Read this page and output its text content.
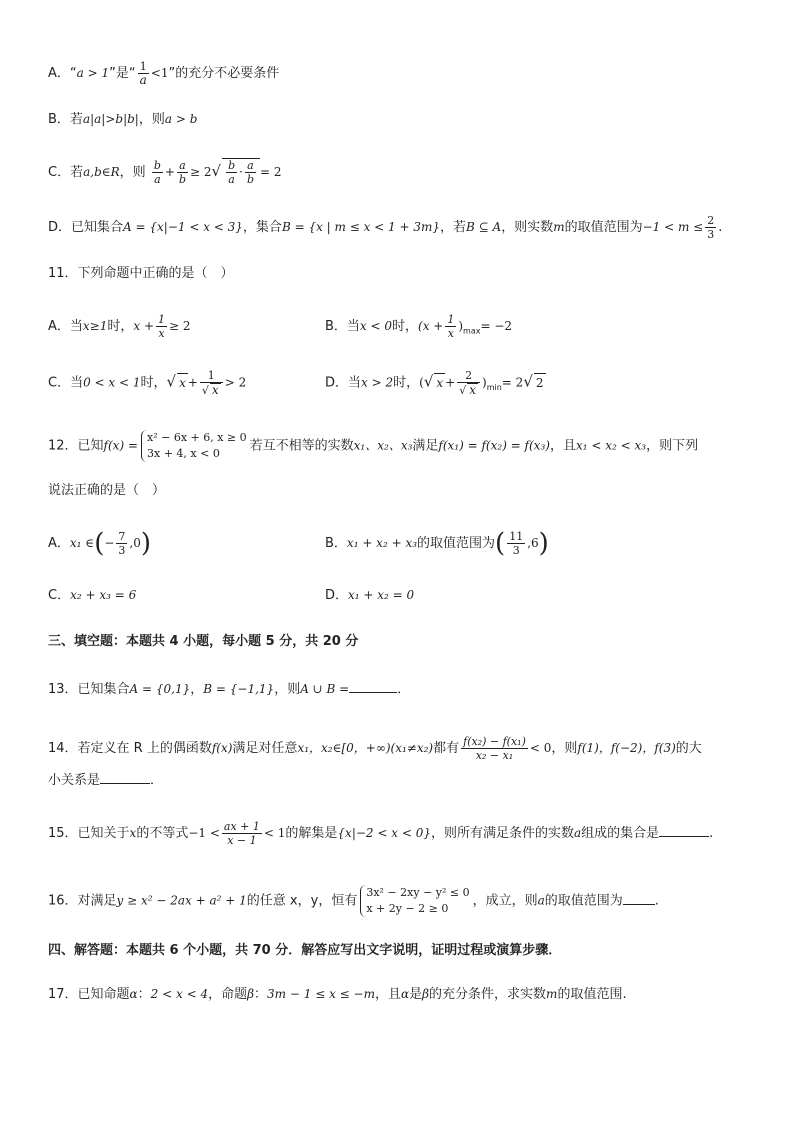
A．“a > 1”是“ $\frac{1}{a} <1$”的充分不必要条件
B．若a|a|>b|b|，则a > b
C．若a,b∈R，则 $\frac{b}{a} + \frac{a}{b} \ge 2√ \frac{b}{a} \cdot \frac{a}{b} = 2$
D．已知集合A = {x|−1 < x < 3}，集合B = {x | m ≤ x < 1 + 3m}，若B ⊆ A，则实数m的取值范围为$-1 < m \le \frac{2}{3}$ .
11．下列命题中正确的是（　）
A．当x≥1时，$x + \frac{1}{x} \ge 2$	B．当x < 0时，$(x + \frac{1}{x} )_{max}= -2$
C．当0 < x < 1时，√ $x + \frac{1}{√ x} > 2$	D．当x > 2时，(√ $x + \frac{2}{√ x} )_{min}= 2√$ 2
12．已知f(x) =
x² − 6x + 6, x ≥ 0
3x + 4, x < 0	若互不相等的实数x₁、x₂、x₃满足f(x₁) = f(x₂) = f(x₃)，且x₁ < x₂ < x₃，则下列
说法正确的是（　）
A．x₁ ∈(− $\frac{7}{3} ,0$)	B．x₁ + x₂ + x₃的取值范围为( $\frac{11}{3} ,6$)
C．x₂ + x₃ = 6	D．x₁ + x₂ = 0
三、填空题：本题共 4 小题，每小题 5 分，共 20 分
13．已知集合A = {0,1}，B = {−1,1}，则A ∪ B =	．
14．若定义在 R 上的偶函数f(x)满足对任意x₁，x₂∈[0，+∞)(x₁≠x₂)都有 $\frac{\text{f(x₂) − f(x₁)}}{\text{x₂ − x₁}} < 0$，则f(1)，f(−2)，f(3)的大
小关系是	．
15．已知关于x的不等式$-1 < \frac{ax + 1}{x - 1} < 1$的解集是{x|−2 < x < 0}，则所有满足条件的实数a组成的集合是	.
16．对满足y ≥ x² − 2ax + a² + 1的任意 x，y，恒有
3x² − 2xy − y² ≤ 0
x + 2y − 2 ≥ 0	，成立，则a的取值范围为 .
四、解答题：本题共 6 个小题，共 70 分．解答应写出文字说明，证明过程或演算步骤．
17．已知命题α：2 < x < 4，命题β：3m − 1 ≤ x ≤ −m，且α是β的充分条件，求实数m的取值范围.
